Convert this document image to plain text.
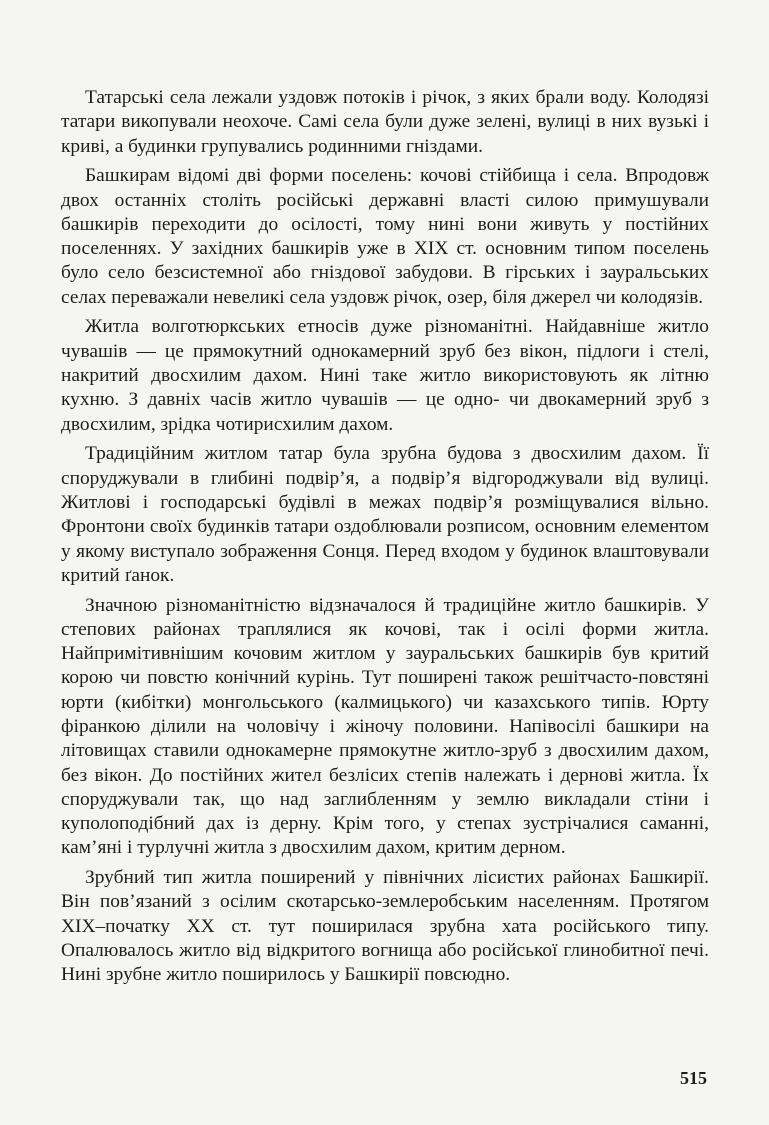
Татарські села лежали уздовж потоків і річок, з яких брали воду. Колодязі татари викопували неохоче. Самі села були дуже зелені, вулиці в них вузькі і криві, а будинки групувались родинними гніздами.

Башкирам відомі дві форми поселень: кочові стійбища і села. Впродовж двох останніх століть російські державні власті силою примушували башкирів переходити до осілості, тому нині вони живуть у постійних поселеннях. У західних башкирів уже в XIX ст. основним типом поселень було село безсистемної або гніздової забудови. В гірських і зауральських селах переважали невеликі села уздовж річок, озер, біля джерел чи колодязів.

Житла волготюркських етносів дуже різноманітні. Найдавніше житло чувашів — це прямокутний однокамерний зруб без вікон, підлоги і стелі, накритий двосхилим дахом. Нині таке житло використовують як літню кухню. З давніх часів житло чувашів — це одно- чи двокамерний зруб з двосхилим, зрідка чотирисхилим дахом.

Традиційним житлом татар була зрубна будова з двосхилим дахом. Її споруджували в глибині подвір’я, а подвір’я відгороджували від вулиці. Житлові і господарські будівлі в межах подвір’я розміщувалися вільно. Фронтони своїх будинків татари оздоблювали розписом, основним елементом у якому виступало зображення Сонця. Перед входом у будинок влаштовували критий ґанок.

Значною різноманітністю відзначалося й традиційне житло башкирів. У степових районах траплялися як кочові, так і осілі форми житла. Найпримітивнішим кочовим житлом у зауральських башкирів був критий корою чи повстю конічний курінь. Тут поширені також решітчасто-повстяні юрти (кибітки) монгольського (калмицького) чи казахського типів. Юрту фіранкою ділили на чоловічу і жіночу половини. Напівосілі башкири на літовищах ставили однокамерне прямокутне житло-зруб з двосхилим дахом, без вікон. До постійних жител безлісих степів належать і дернові житла. Їх споруджували так, що над заглибленням у землю викладали стіни і куполоподібний дах із дерну. Крім того, у степах зустрічалися саманні, кам’яні і турлучні житла з двосхилим дахом, критим дерном.

Зрубний тип житла поширений у північних лісистих районах Башкирії. Він пов’язаний з осілим скотарсько-землеробським населенням. Протягом XIX–початку XX ст. тут поширилася зрубна хата російського типу. Опалювалось житло від відкритого вогнища або російської глинобитної печі. Нині зрубне житло поширилось у Башкирії повсюдно.

515
